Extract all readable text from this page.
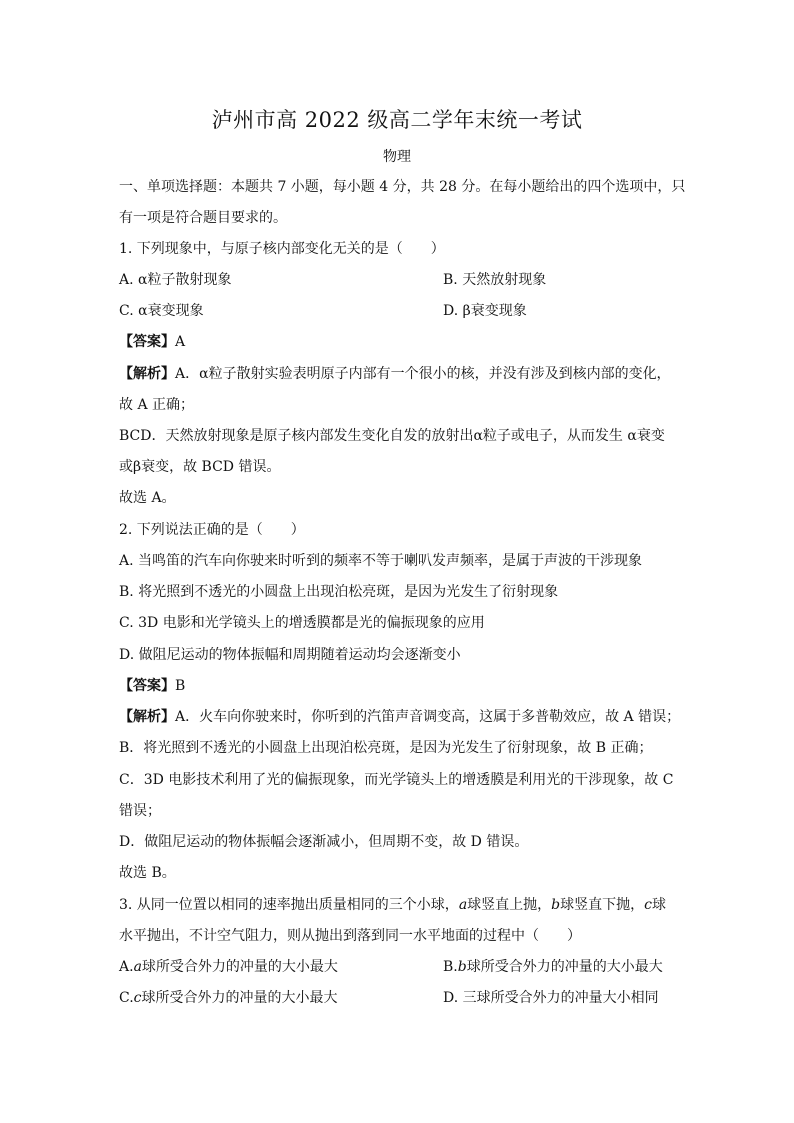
泸州市高 2022 级高二学年末统一考试
物理
一、单项选择题：本题共 7 小题，每小题 4 分，共 28 分。在每小题给出的四个选项中，只
有一项是符合题目要求的。
1. 下列现象中，与原子核内部变化无关的是（　　）
A. α粒子散射现象	B. 天然放射现象
C. α衰变现象	D. β衰变现象
【答案】A
【解析】A．α粒子散射实验表明原子内部有一个很小的核，并没有涉及到核内部的变化，
故 A 正确；
BCD．天然放射现象是原子核内部发生变化自发的放射出α粒子或电子，从而发生 α衰变
或β衰变，故 BCD 错误。
故选 A。
2. 下列说法正确的是（　　）
A. 当鸣笛的汽车向你驶来时听到的频率不等于喇叭发声频率，是属于声波的干涉现象
B. 将光照到不透光的小圆盘上出现泊松亮斑，是因为光发生了衍射现象
C. 3D 电影和光学镜头上的增透膜都是光的偏振现象的应用
D. 做阻尼运动的物体振幅和周期随着运动均会逐渐变小
【答案】B
【解析】A．火车向你驶来时，你听到的汽笛声音调变高，这属于多普勒效应，故 A 错误；
B．将光照到不透光的小圆盘上出现泊松亮斑，是因为光发生了衍射现象，故 B 正确；
C．3D 电影技术利用了光的偏振现象，而光学镜头上的增透膜是利用光的干涉现象，故 C
错误；
D．做阻尼运动的物体振幅会逐渐减小，但周期不变，故 D 错误。
故选 B。
3. 从同一位置以相同的速率抛出质量相同的三个小球，a球竖直上抛，b球竖直下抛，c球
水平抛出，不计空气阻力，则从抛出到落到同一水平地面的过程中（　　）
A.a球所受合外力的冲量的大小最大	B.b球所受合外力的冲量的大小最大
C.c球所受合外力的冲量的大小最大	D. 三球所受合外力的冲量大小相同
